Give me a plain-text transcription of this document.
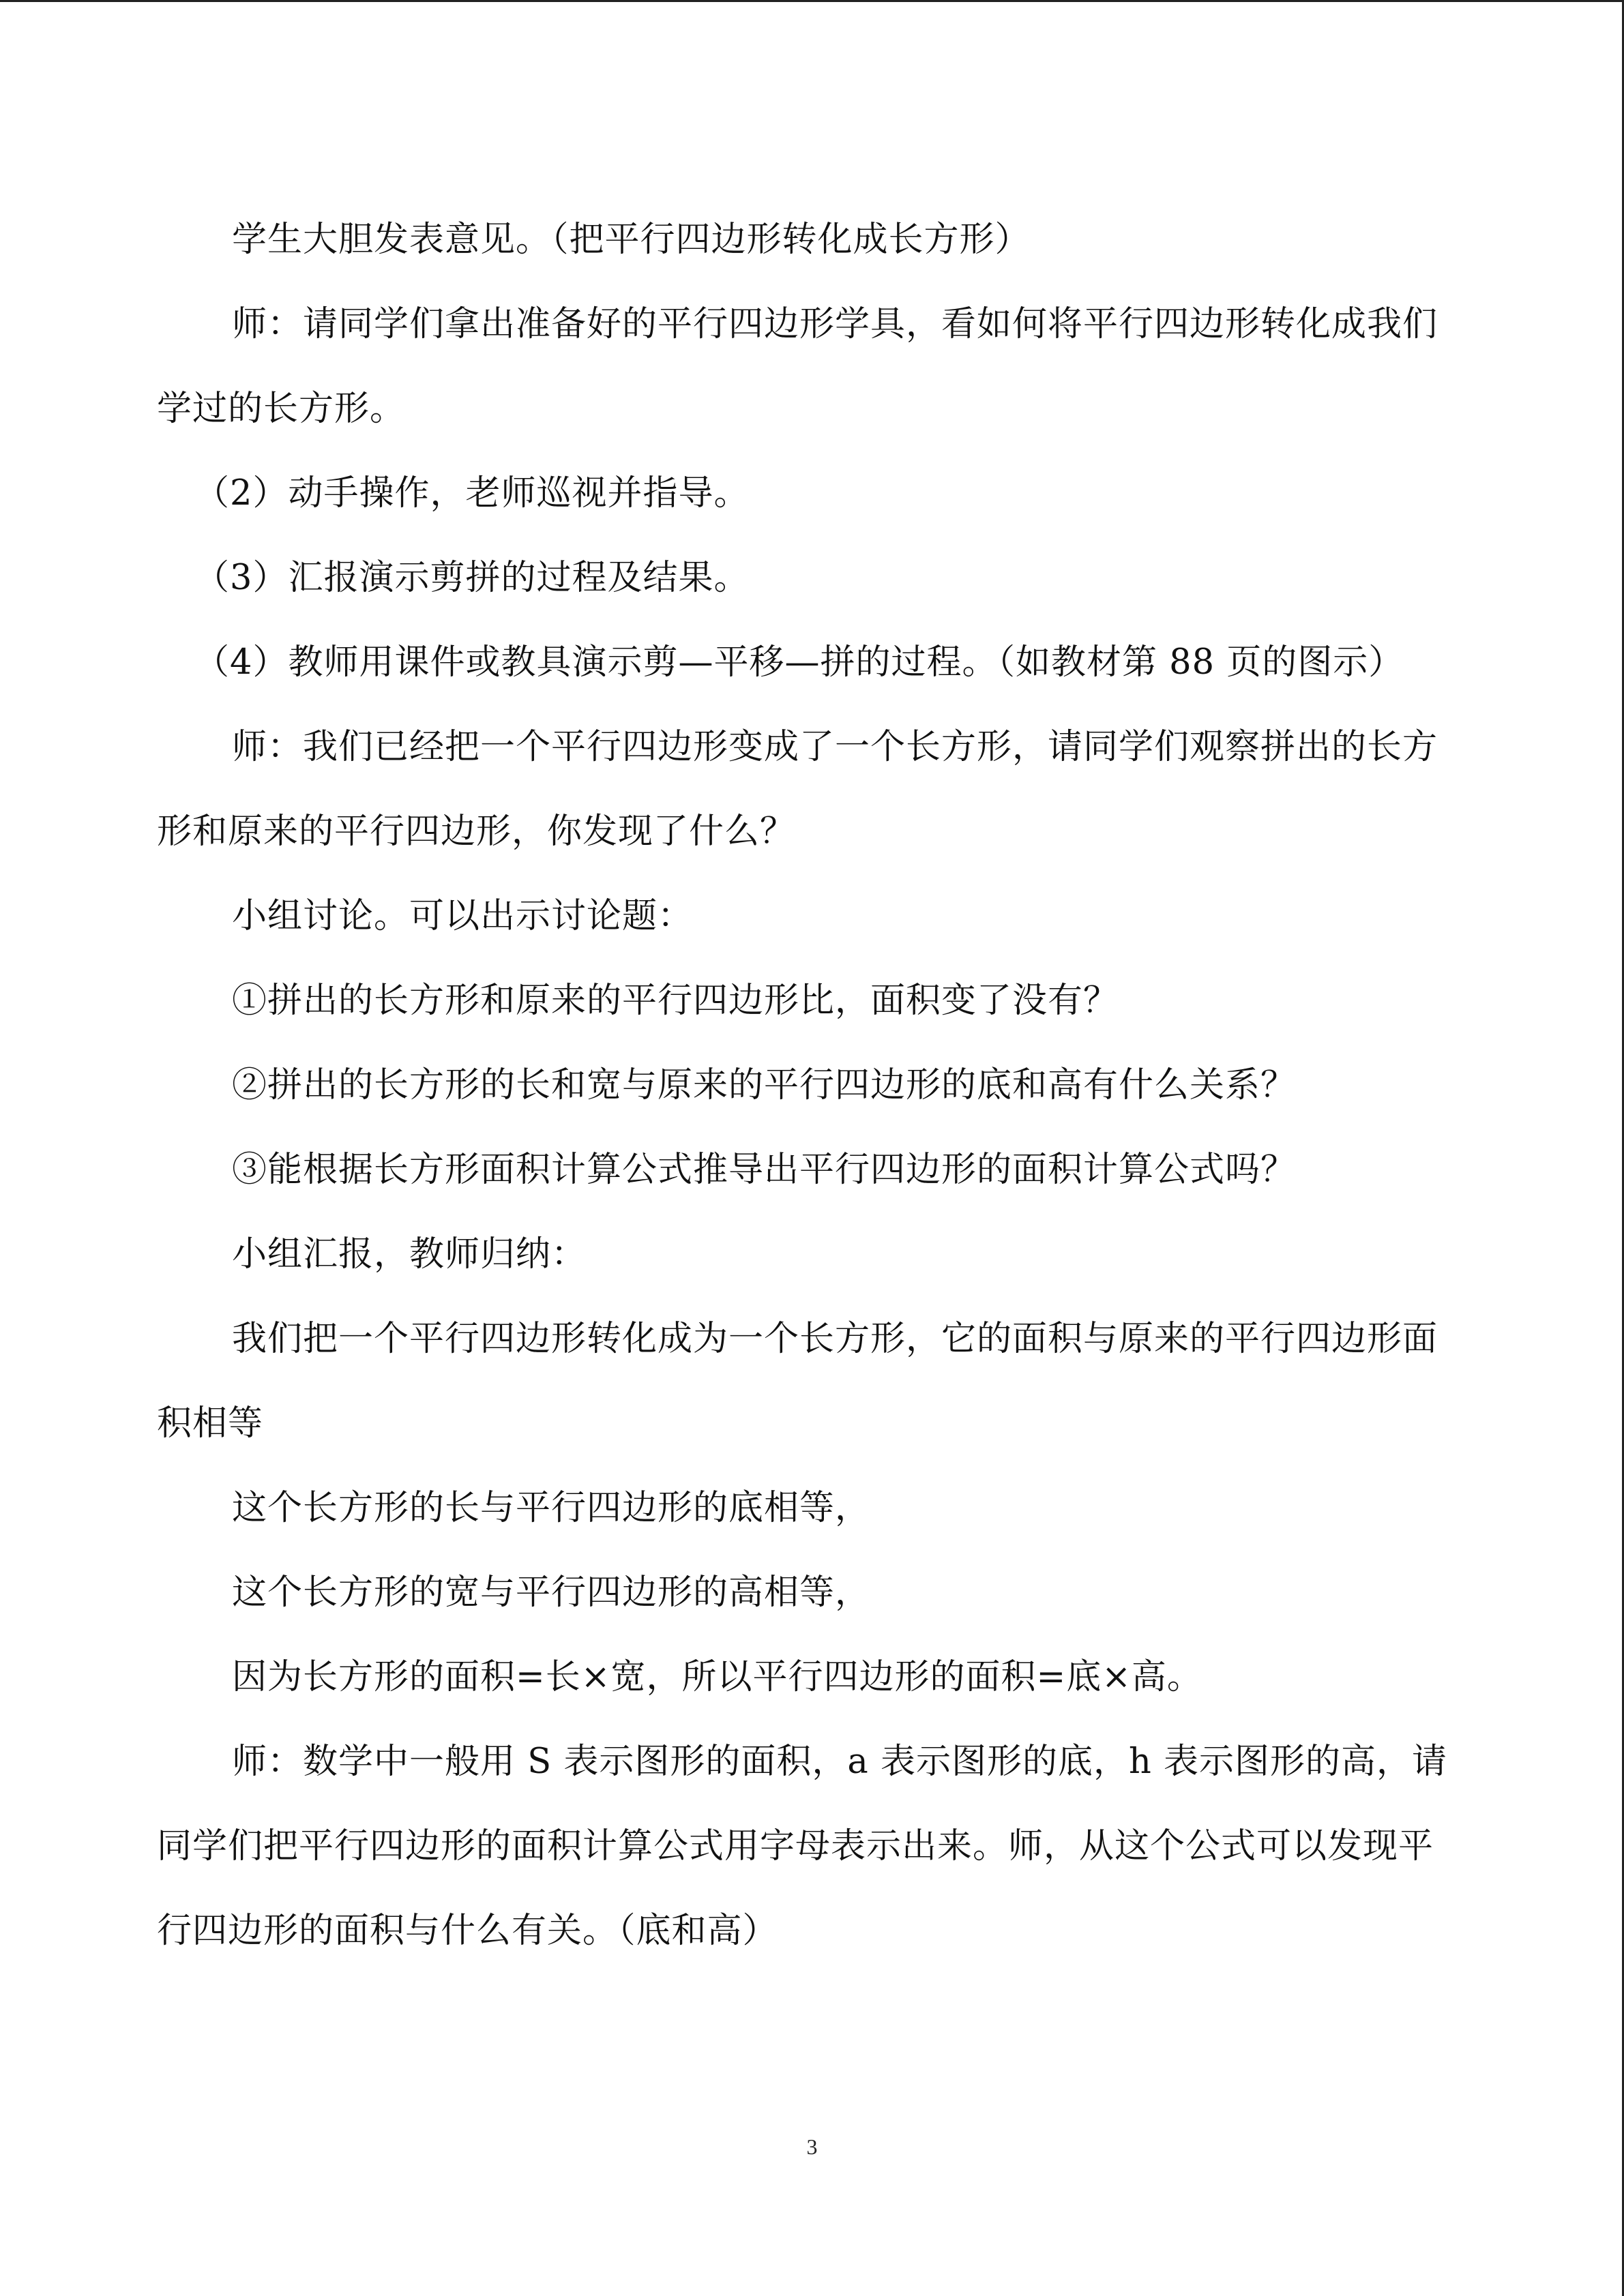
学生大胆发表意见。（把平行四边形转化成长方形）

师：请同学们拿出准备好的平行四边形学具，看如何将平行四边形转化成我们学过的长方形。

（2）动手操作，老师巡视并指导。

（3）汇报演示剪拼的过程及结果。

（4）教师用课件或教具演示剪—平移—拼的过程。（如教材第 88 页的图示）

师：我们已经把一个平行四边形变成了一个长方形，请同学们观察拼出的长方形和原来的平行四边形，你发现了什么？

小组讨论。可以出示讨论题：

①拼出的长方形和原来的平行四边形比，面积变了没有？

②拼出的长方形的长和宽与原来的平行四边形的底和高有什么关系？

③能根据长方形面积计算公式推导出平行四边形的面积计算公式吗？

小组汇报，教师归纳：

我们把一个平行四边形转化成为一个长方形，它的面积与原来的平行四边形面积相等

这个长方形的长与平行四边形的底相等，

这个长方形的宽与平行四边形的高相等，

因为长方形的面积=长×宽，所以平行四边形的面积=底×高。

师：数学中一般用 S 表示图形的面积，a 表示图形的底，h 表示图形的高，请同学们把平行四边形的面积计算公式用字母表示出来。师，从这个公式可以发现平行四边形的面积与什么有关。（底和高）

3
